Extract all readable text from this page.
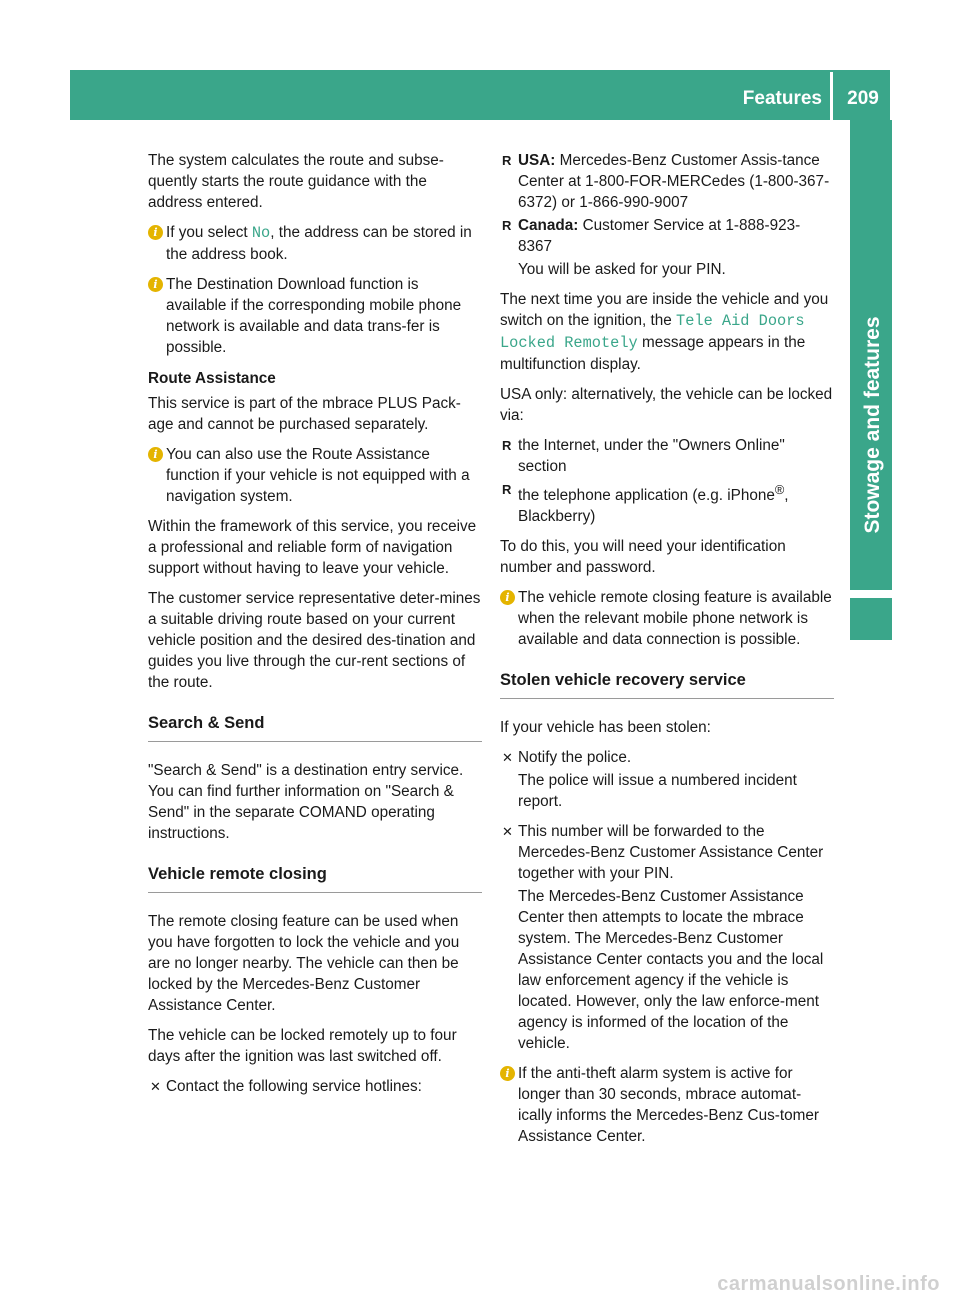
Features	209
Stowage and features

The system calculates the route and subse-quently starts the route guidance with the address entered.

i If you select No, the address can be stored in the address book.
i The Destination Download function is available if the corresponding mobile phone network is available and data trans-fer is possible.
Route Assistance

This service is part of the mbrace PLUS Pack-age and cannot be purchased separately.

i You can also use the Route Assistance function if your vehicle is not equipped with a navigation system.

Within the framework of this service, you receive a professional and reliable form of navigation support without having to leave your vehicle.

The customer service representative deter-mines a suitable driving route based on your current vehicle position and the desired des-tination and guides you live through the cur-rent sections of the route.

Search & Send

"Search & Send" is a destination entry service. You can find further information on "Search & Send" in the separate COMAND operating instructions.

Vehicle remote closing

The remote closing feature can be used when you have forgotten to lock the vehicle and you are no longer nearby. The vehicle can then be locked by the Mercedes-Benz Customer Assistance Center.

The vehicle can be locked remotely up to four days after the ignition was last switched off.

✕ Contact the following service hotlines:
R USA: Mercedes-Benz Customer Assis-tance Center at 1-800-FOR-MERCedes (1-800-367-6372) or 1-866-990-9007
R Canada: Customer Service at 1-888-923-8367

You will be asked for your PIN.

The next time you are inside the vehicle and you switch on the ignition, the Tele Aid Doors Locked Remotely message appears in the multifunction display.

USA only: alternatively, the vehicle can be locked via:

R the Internet, under the "Owners Online" section
R the telephone application (e.g. iPhone®, Blackberry)

To do this, you will need your identification number and password.

i The vehicle remote closing feature is available when the relevant mobile phone network is available and data connection is possible.
Stolen vehicle recovery service

If your vehicle has been stolen:

✕ Notify the police.

The police will issue a numbered incident report.

✕ This number will be forwarded to the Mercedes-Benz Customer Assistance Center together with your PIN.

The Mercedes-Benz Customer Assistance Center then attempts to locate the mbrace system. The Mercedes-Benz Customer Assistance Center contacts you and the local law enforcement agency if the vehicle is located. However, only the law enforce-ment agency is informed of the location of the vehicle.

i If the anti-theft alarm system is active for longer than 30 seconds, mbrace automat-ically informs the Mercedes-Benz Cus-tomer Assistance Center.
carmanualsonline.info
